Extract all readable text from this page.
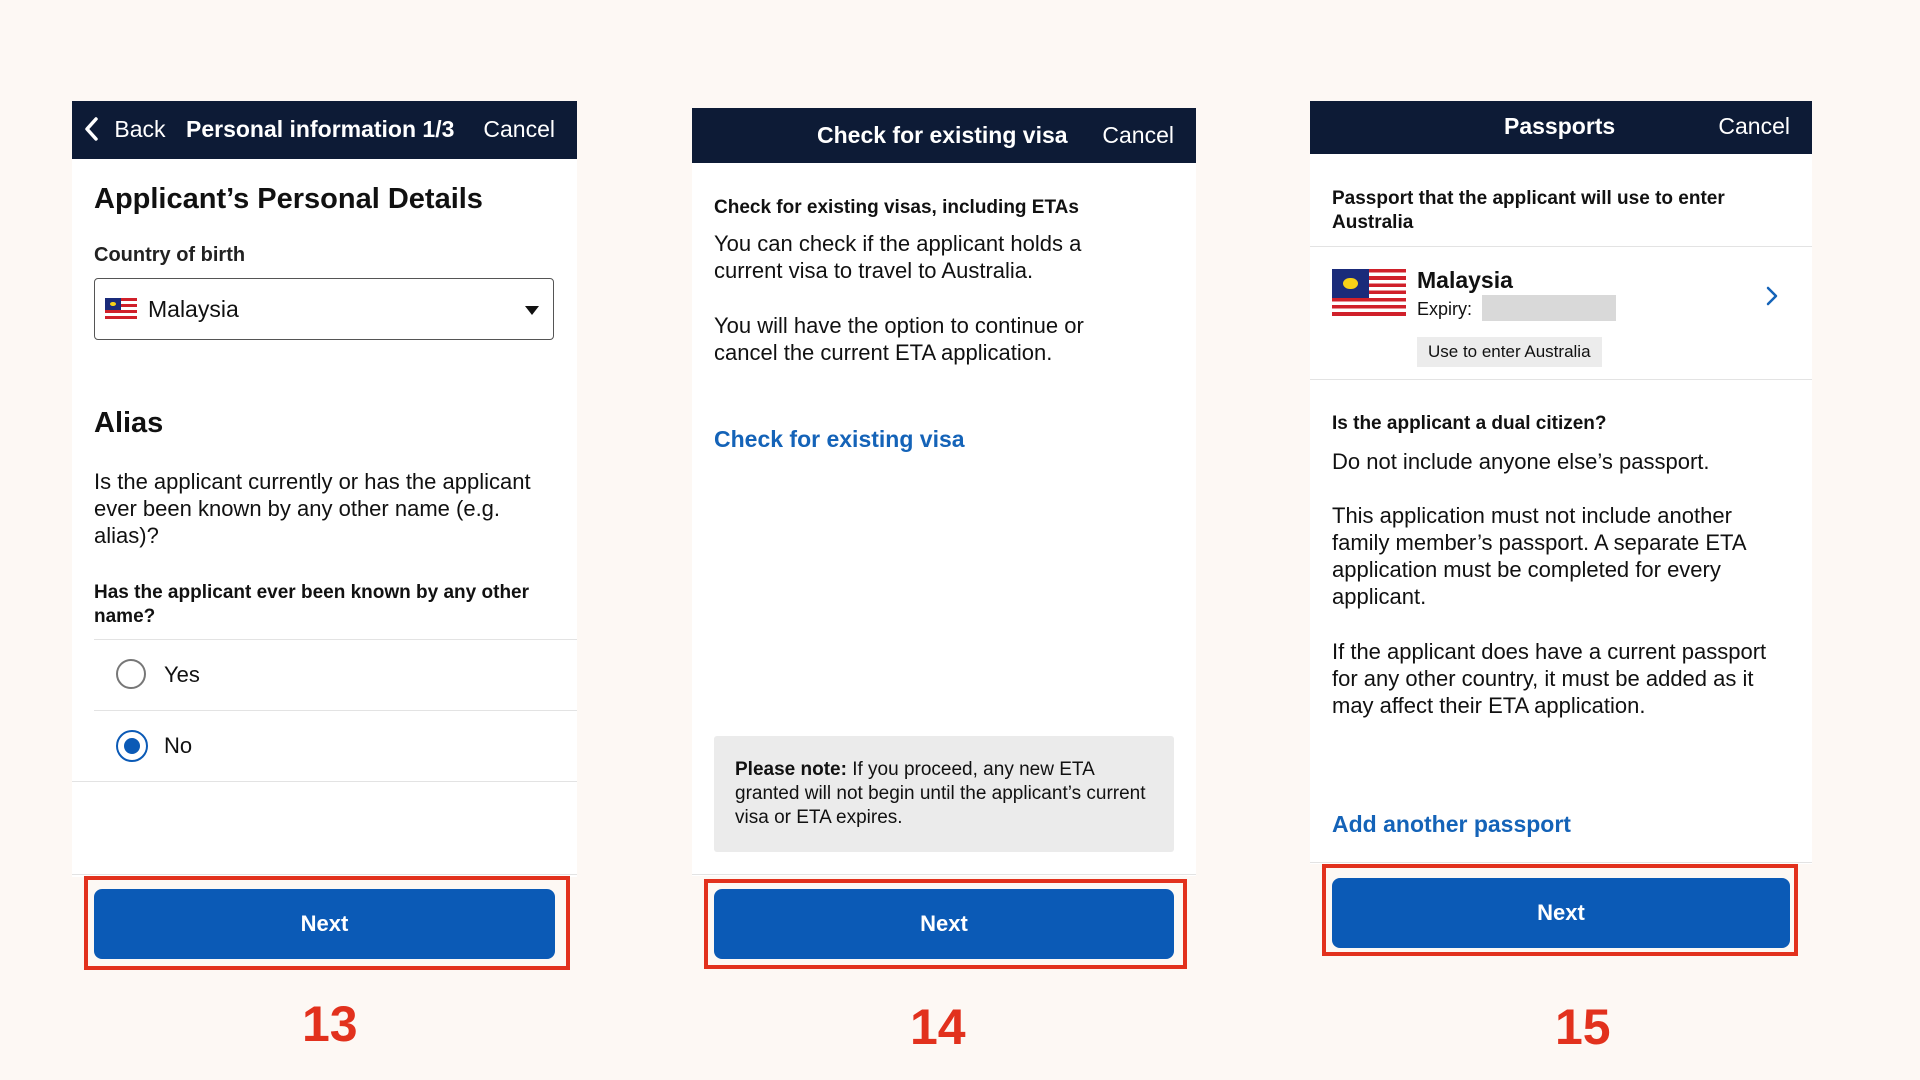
Back Personal information 1/3 Cancel
Applicant’s Personal Details
Country of birth
Malaysia
Alias
Is the applicant currently or has the applicant ever been known by any other name (e.g. alias)?
Has the applicant ever been known by any other name?
Yes
No
Next
13
Check for existing visa Cancel
Check for existing visas, including ETAs
You can check if the applicant holds a current visa to travel to Australia.
You will have the option to continue or cancel the current ETA application.
Check for existing visa
Please note: If you proceed, any new ETA granted will not begin until the applicant’s current visa or ETA expires.
Next
14
Passports	Cancel
Passport that the applicant will use to enter Australia
Malaysia
Expiry:
Use to enter Australia
Is the applicant a dual citizen?
Do not include anyone else’s passport.
This application must not include another family member’s passport. A separate ETA application must be completed for every applicant.
If the applicant does have a current passport for any other country, it must be added as it may affect their ETA application.
Add another passport
Next
15
